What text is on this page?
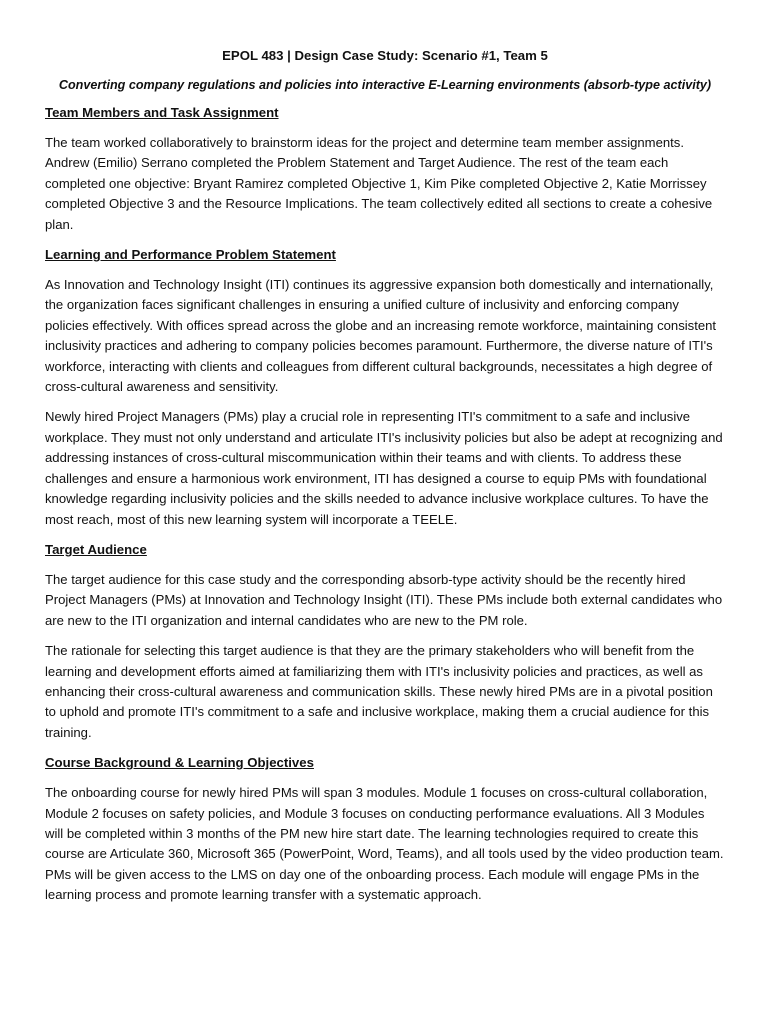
EPOL 483 | Design Case Study: Scenario #1, Team 5
Converting company regulations and policies into interactive E-Learning environments (absorb-type activity)
Team Members and Task Assignment
The team worked collaboratively to brainstorm ideas for the project and determine team member assignments. Andrew (Emilio) Serrano completed the Problem Statement and Target Audience. The rest of the team each completed one objective: Bryant Ramirez completed Objective 1, Kim Pike completed Objective 2, Katie Morrissey completed Objective 3 and the Resource Implications. The team collectively edited all sections to create a cohesive plan.
Learning and Performance Problem Statement
As Innovation and Technology Insight (ITI) continues its aggressive expansion both domestically and internationally, the organization faces significant challenges in ensuring a unified culture of inclusivity and enforcing company policies effectively. With offices spread across the globe and an increasing remote workforce, maintaining consistent inclusivity practices and adhering to company policies becomes paramount. Furthermore, the diverse nature of ITI's workforce, interacting with clients and colleagues from different cultural backgrounds, necessitates a high degree of cross-cultural awareness and sensitivity.
Newly hired Project Managers (PMs) play a crucial role in representing ITI's commitment to a safe and inclusive workplace. They must not only understand and articulate ITI's inclusivity policies but also be adept at recognizing and addressing instances of cross-cultural miscommunication within their teams and with clients. To address these challenges and ensure a harmonious work environment, ITI has designed a course to equip PMs with foundational knowledge regarding inclusivity policies and the skills needed to advance inclusive workplace cultures. To have the most reach, most of this new learning system will incorporate a TEELE.
Target Audience
The target audience for this case study and the corresponding absorb-type activity should be the recently hired Project Managers (PMs) at Innovation and Technology Insight (ITI). These PMs include both external candidates who are new to the ITI organization and internal candidates who are new to the PM role.
The rationale for selecting this target audience is that they are the primary stakeholders who will benefit from the learning and development efforts aimed at familiarizing them with ITI's inclusivity policies and practices, as well as enhancing their cross-cultural awareness and communication skills. These newly hired PMs are in a pivotal position to uphold and promote ITI's commitment to a safe and inclusive workplace, making them a crucial audience for this training.
Course Background & Learning Objectives
The onboarding course for newly hired PMs will span 3 modules. Module 1 focuses on cross-cultural collaboration, Module 2 focuses on safety policies, and Module 3 focuses on conducting performance evaluations. All 3 Modules will be completed within 3 months of the PM new hire start date. The learning technologies required to create this course are Articulate 360, Microsoft 365 (PowerPoint, Word, Teams), and all tools used by the video production team. PMs will be given access to the LMS on day one of the onboarding process. Each module will engage PMs in the learning process and promote learning transfer with a systematic approach.
